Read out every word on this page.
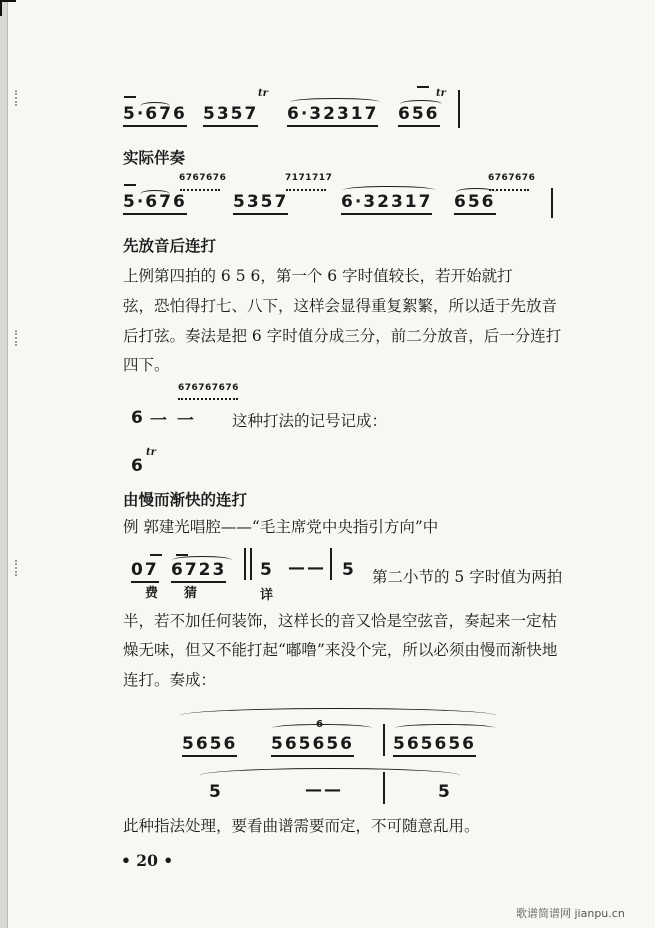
5·676
tr
5357 6·32317
tr
656
实际伴奏
6767676
5·676
7171717
5357	6·32317
6767676
656
先放音后连打
上例第四拍的 6 5 6，第一个 6 字时值较长，若开始就打
弦，恐怕得打七、八下，这样会显得重复絮繁，所以适于先放音
后打弦。奏法是把 6 字时值分成三分，前二分放音，后一分连打
四下。
676767676
6 一 一 这种打法的记号记成：
tr
6
由慢而渐快的连打
例 郭建光唱腔——“毛主席党中央指引方向”中
07 6723 5 —— 5
费 猜	详
第二小节的 5 字时值为两拍
半，若不加任何装饰，这样长的音又恰是空弦音，奏起来一定枯
燥无味，但又不能打起“嘟噜”来没个完，所以必须由慢而渐快地
连打。奏成：
5656
6
565656 565656
5	——	5
此种指法处理，要看曲谱需要而定，不可随意乱用。
• 20 •
歌谱简谱网 jianpu.cn
